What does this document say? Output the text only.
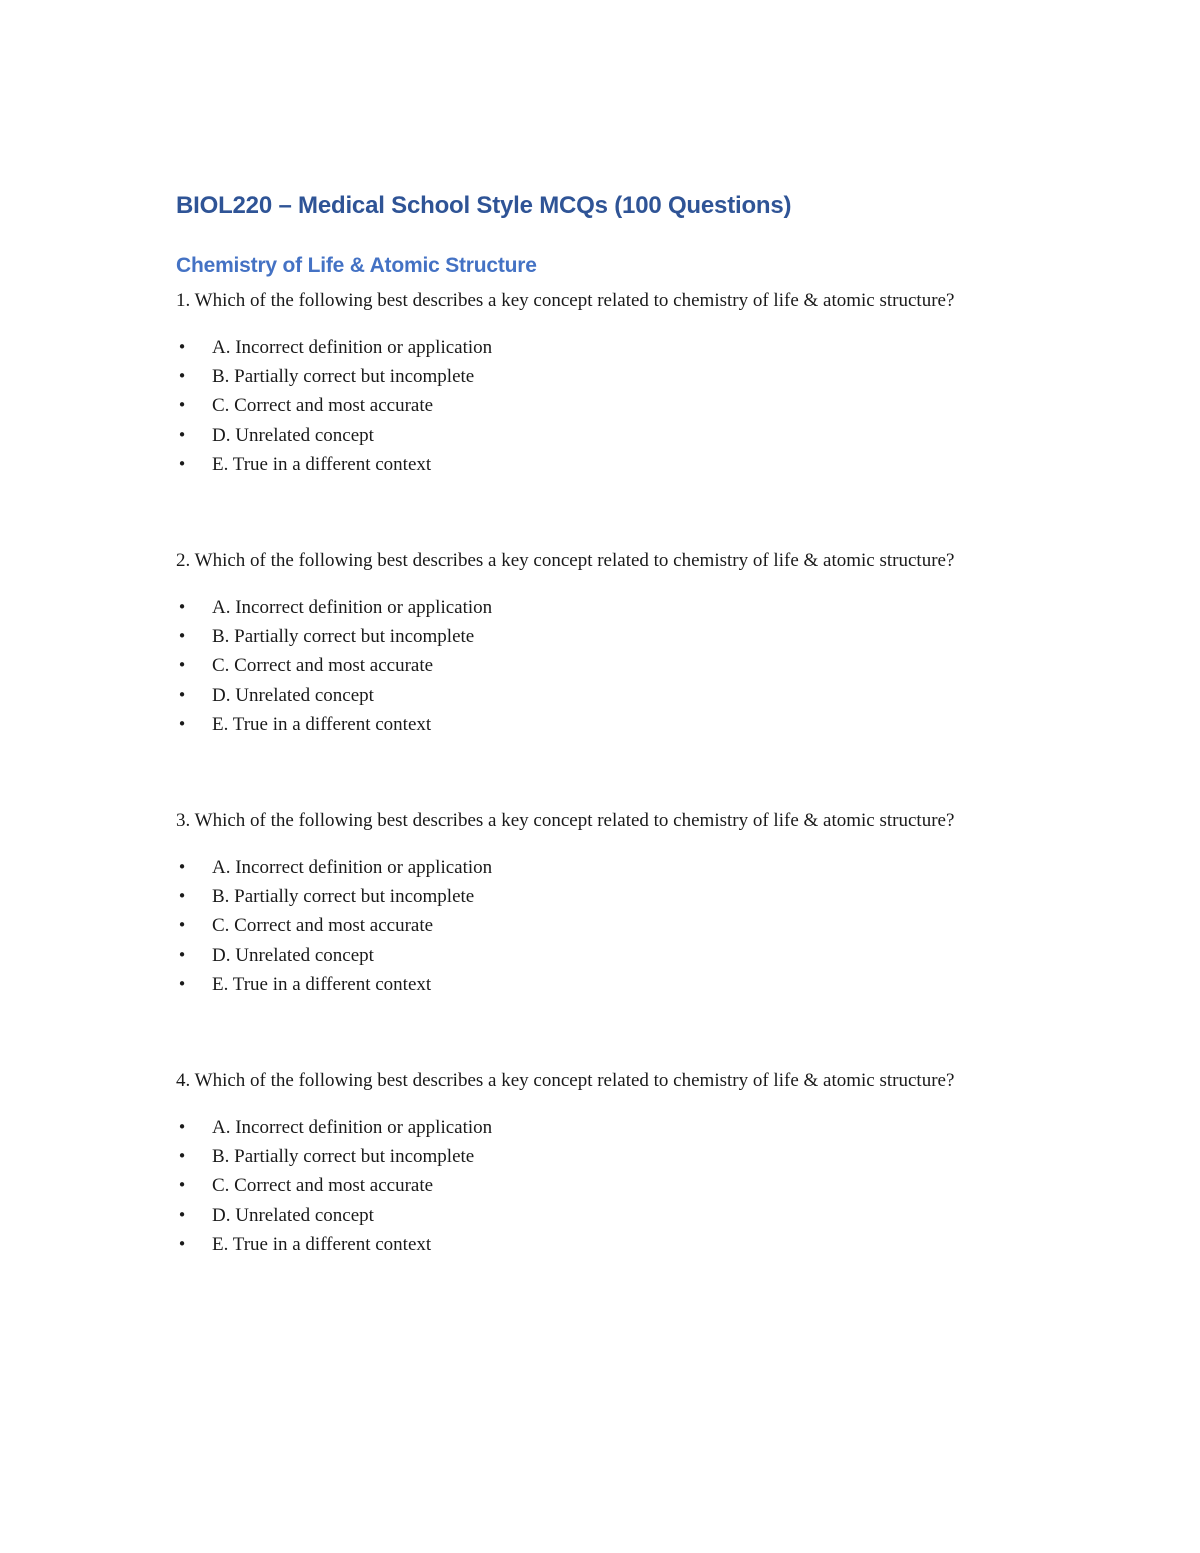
BIOL220 – Medical School Style MCQs (100 Questions)
Chemistry of Life & Atomic Structure

1. Which of the following best describes a key concept related to chemistry of life & atomic structure?

• A. Incorrect definition or application
• B. Partially correct but incomplete
• C. Correct and most accurate
• D. Unrelated concept
• E. True in a different context

2. Which of the following best describes a key concept related to chemistry of life & atomic structure?

• A. Incorrect definition or application
• B. Partially correct but incomplete
• C. Correct and most accurate
• D. Unrelated concept
• E. True in a different context

3. Which of the following best describes a key concept related to chemistry of life & atomic structure?

• A. Incorrect definition or application
• B. Partially correct but incomplete
• C. Correct and most accurate
• D. Unrelated concept
• E. True in a different context

4. Which of the following best describes a key concept related to chemistry of life & atomic structure?

• A. Incorrect definition or application
• B. Partially correct but incomplete
• C. Correct and most accurate
• D. Unrelated concept
• E. True in a different context
